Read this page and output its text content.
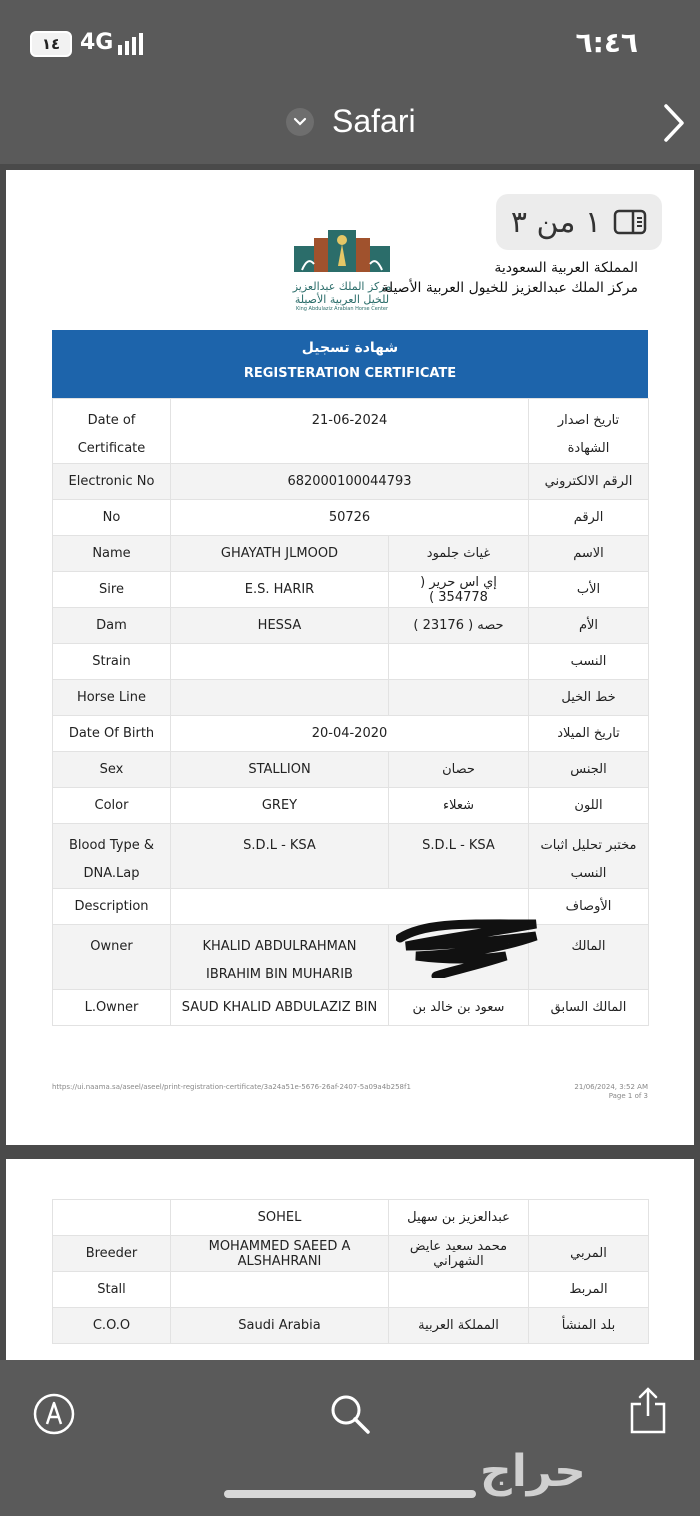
١٤ 4G	٦:٤٦
Safari
مركز الملك عبدالعزيز للخيل العربية الأصيلة
King Abdulaziz Arabian Horse Center
المملكة العربية السعودية
مركز الملك عبدالعزيز للخيول العربية الأصيلة
شهادة تسجيل
REGISTERATION CERTIFICATE
Date of Certificate	21-06-2024		تاريخ اصدار الشهادة
Electronic No	682000100044793		الرقم الالكتروني
No	50726		الرقم
Name	GHAYATH JLMOOD	غياث جلمود	الاسم
Sire	E.S. HARIR	إي اس حرير ( 354778 )	الأب
Dam	HESSA	حصه ( 23176 )	الأم
Strain			النسب
Horse Line			خط الخيل
Date Of Birth	20-04-2020		تاريخ الميلاد
Sex	STALLION	حصان	الجنس
Color	GREY	شعلاء	اللون
Blood Type & DNA.Lap	S.D.L - KSA	S.D.L - KSA	مختبر تحليل اثبات النسب
Description			الأوصاف
Owner	KHALID ABDULRAHMAN IBRAHIM BIN MUHARIB		المالك
L.Owner	SAUD KHALID ABDULAZIZ BIN	سعود بن خالد بن	المالك السابق
https://ui.naama.sa/aseel/aseel/print-registration-certificate/3a24a51e-5676-26af-2407-5a09a4b258f1	21/06/2024, 3:52 AM
Page 1 of 3
	SOHEL	عبدالعزيز بن سهيل	
Breeder	MOHAMMED SAEED A ALSHAHRANI	محمد سعيد عايض الشهراني	المربي
Stall			المربط
C.O.O	Saudi Arabia	المملكة العربية	بلد المنشأ
١ من ٣
حراج
